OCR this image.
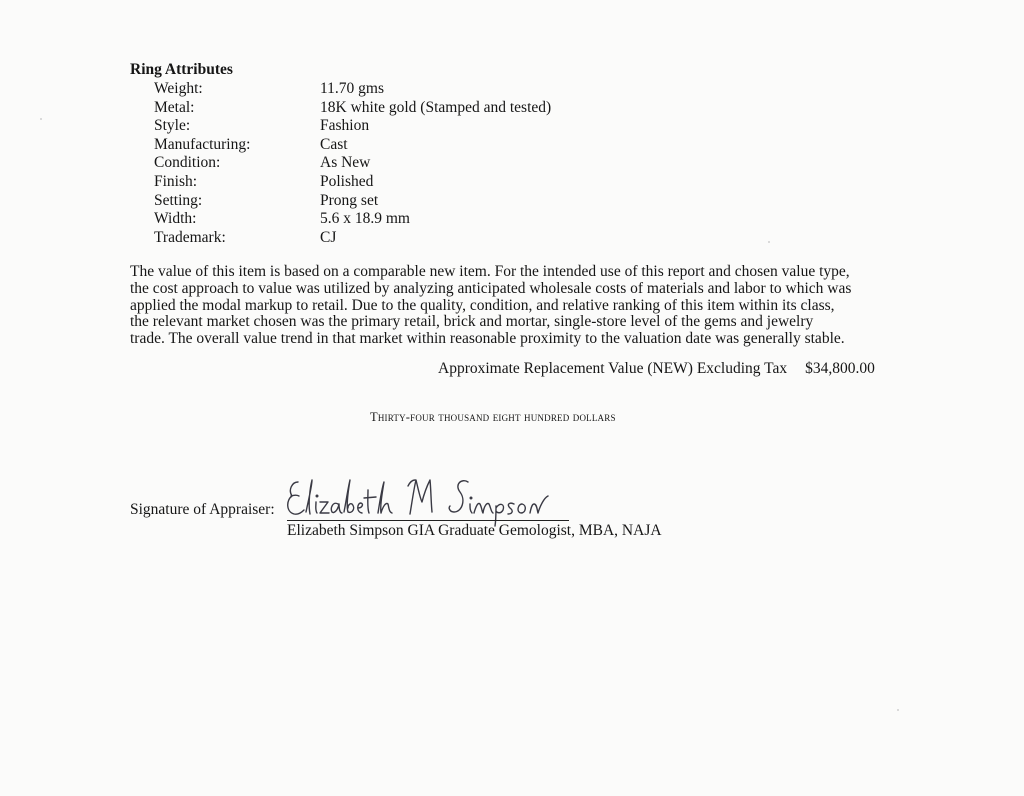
Ring Attributes
Weight:	11.70 gms
Metal:	18K white gold (Stamped and tested)
Style:	Fashion
Manufacturing:	Cast
Condition:	As New
Finish:	Polished
Setting:	Prong set
Width:	5.6 x 18.9 mm
Trademark:	CJ

The value of this item is based on a comparable new item. For the intended use of this report and chosen value type,

the cost approach to value was utilized by analyzing anticipated wholesale costs of materials and labor to which was

applied the modal markup to retail. Due to the quality, condition, and relative ranking of this item within its class,

the relevant market chosen was the primary retail, brick and mortar, single-store level of the gems and jewelry

trade. The overall value trend in that market within reasonable proximity to the valuation date was generally stable.

Approximate Replacement Value (NEW) Excluding Tax $34,800.00
Thirty-four thousand eight hundred dollars
Signature of Appraiser:
Elizabeth Simpson GIA Graduate Gemologist, MBA, NAJA
